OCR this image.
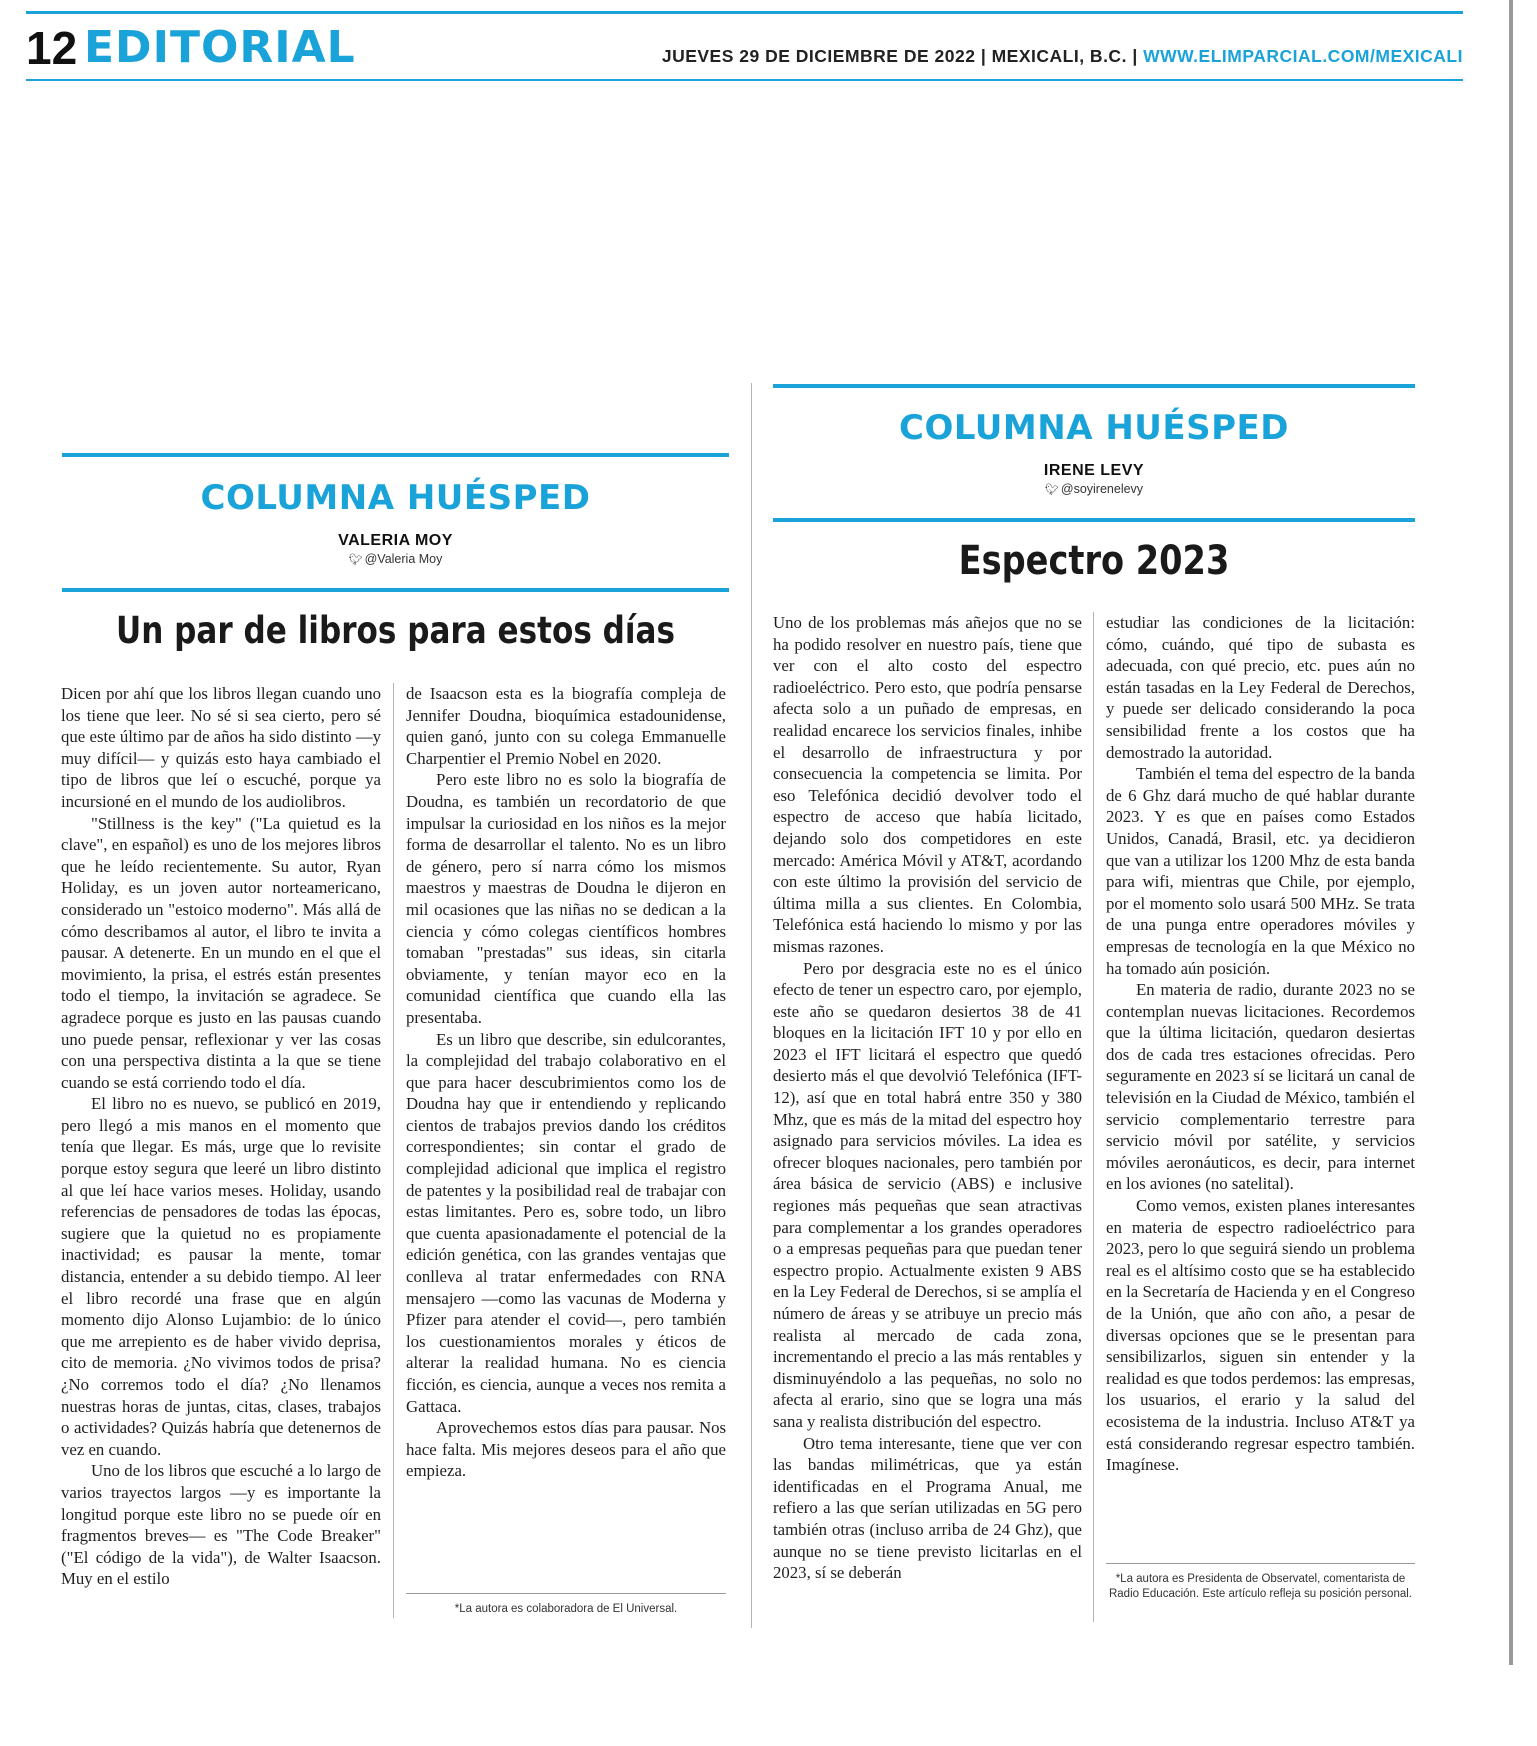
12 EDITORIAL	JUEVES 29 DE DICIEMBRE DE 2022 | MEXICALI, B.C. | WWW.ELIMPARCIAL.COM/MEXICALI
COLUMNA HUÉSPED
VALERIA MOY
🐦︎ @Valeria Moy
Un par de libros para estos días

Dicen por ahí que los libros llegan cuando uno los tiene que leer. No sé si sea cierto, pero sé que este último par de años ha sido distinto —y muy difícil— y quizás esto haya cambiado el tipo de libros que leí o escuché, porque ya incursioné en el mundo de los audiolibros.

"Stillness is the key" ("La quietud es la clave", en español) es uno de los mejores libros que he leído recientemente. Su autor, Ryan Holiday, es un joven autor norteamericano, considerado un "estoico moderno". Más allá de cómo describamos al autor, el libro te invita a pausar. A detenerte. En un mundo en el que el movimiento, la prisa, el estrés están presentes todo el tiempo, la invitación se agradece. Se agradece porque es justo en las pausas cuando uno puede pensar, reflexionar y ver las cosas con una perspectiva distinta a la que se tiene cuando se está corriendo todo el día.

El libro no es nuevo, se publicó en 2019, pero llegó a mis manos en el momento que tenía que llegar. Es más, urge que lo revisite porque estoy segura que leeré un libro distinto al que leí hace varios meses. Holiday, usando referencias de pensadores de todas las épocas, sugiere que la quietud no es propiamente inactividad; es pausar la mente, tomar distancia, entender a su debido tiempo. Al leer el libro recordé una frase que en algún momento dijo Alonso Lujambio: de lo único que me arrepiento es de haber vivido deprisa, cito de memoria. ¿No vivimos todos de prisa? ¿No corremos todo el día? ¿No llenamos nuestras horas de juntas, citas, clases, trabajos o actividades? Quizás habría que detenernos de vez en cuando.

Uno de los libros que escuché a lo largo de varios trayectos largos —y es importante la longitud porque este libro no se puede oír en fragmentos breves— es "The Code Breaker" ("El código de la vida"), de Walter Isaacson. Muy en el estilo

de Isaacson esta es la biografía compleja de Jennifer Doudna, bioquímica estadounidense, quien ganó, junto con su colega Emmanuelle Charpentier el Premio Nobel en 2020.

Pero este libro no es solo la biografía de Doudna, es también un recordatorio de que impulsar la curiosidad en los niños es la mejor forma de desarrollar el talento. No es un libro de género, pero sí narra cómo los mismos maestros y maestras de Doudna le dijeron en mil ocasiones que las niñas no se dedican a la ciencia y cómo colegas científicos hombres tomaban "prestadas" sus ideas, sin citarla obviamente, y tenían mayor eco en la comunidad científica que cuando ella las presentaba.

Es un libro que describe, sin edulcorantes, la complejidad del trabajo colaborativo en el que para hacer descubrimientos como los de Doudna hay que ir entendiendo y replicando cientos de trabajos previos dando los créditos correspondientes; sin contar el grado de complejidad adicional que implica el registro de patentes y la posibilidad real de trabajar con estas limitantes. Pero es, sobre todo, un libro que cuenta apasionadamente el potencial de la edición genética, con las grandes ventajas que conlleva al tratar enfermedades con RNA mensajero —como las vacunas de Moderna y Pfizer para atender el covid—, pero también los cuestionamientos morales y éticos de alterar la realidad humana. No es ciencia ficción, es ciencia, aunque a veces nos remita a Gattaca.

Aprovechemos estos días para pausar. Nos hace falta. Mis mejores deseos para el año que empieza.

*La autora es colaboradora de El Universal.
COLUMNA HUÉSPED
IRENE LEVY
🐦︎ @soyirenelevy
Espectro 2023

Uno de los problemas más añejos que no se ha podido resolver en nuestro país, tiene que ver con el alto costo del espectro radioeléctrico. Pero esto, que podría pensarse afecta solo a un puñado de empresas, en realidad encarece los servicios finales, inhibe el desarrollo de infraestructura y por consecuencia la competencia se limita. Por eso Telefónica decidió devolver todo el espectro de acceso que había licitado, dejando solo dos competidores en este mercado: América Móvil y AT&T, acordando con este último la provisión del servicio de última milla a sus clientes. En Colombia, Telefónica está haciendo lo mismo y por las mismas razones.

Pero por desgracia este no es el único efecto de tener un espectro caro, por ejemplo, este año se quedaron desiertos 38 de 41 bloques en la licitación IFT 10 y por ello en 2023 el IFT licitará el espectro que quedó desierto más el que devolvió Telefónica (IFT-12), así que en total habrá entre 350 y 380 Mhz, que es más de la mitad del espectro hoy asignado para servicios móviles. La idea es ofrecer bloques nacionales, pero también por área básica de servicio (ABS) e inclusive regiones más pequeñas que sean atractivas para complementar a los grandes operadores o a empresas pequeñas para que puedan tener espectro propio. Actualmente existen 9 ABS en la Ley Federal de Derechos, si se amplía el número de áreas y se atribuye un precio más realista al mercado de cada zona, incrementando el precio a las más rentables y disminuyéndolo a las pequeñas, no solo no afecta al erario, sino que se logra una más sana y realista distribución del espectro.

Otro tema interesante, tiene que ver con las bandas milimétricas, que ya están identificadas en el Programa Anual, me refiero a las que serían utilizadas en 5G pero también otras (incluso arriba de 24 Ghz), que aunque no se tiene previsto licitarlas en el 2023, sí se deberán

estudiar las condiciones de la licitación: cómo, cuándo, qué tipo de subasta es adecuada, con qué precio, etc. pues aún no están tasadas en la Ley Federal de Derechos, y puede ser delicado considerando la poca sensibilidad frente a los costos que ha demostrado la autoridad.

También el tema del espectro de la banda de 6 Ghz dará mucho de qué hablar durante 2023. Y es que en países como Estados Unidos, Canadá, Brasil, etc. ya decidieron que van a utilizar los 1200 Mhz de esta banda para wifi, mientras que Chile, por ejemplo, por el momento solo usará 500 MHz. Se trata de una punga entre operadores móviles y empresas de tecnología en la que México no ha tomado aún posición.

En materia de radio, durante 2023 no se contemplan nuevas licitaciones. Recordemos que la última licitación, quedaron desiertas dos de cada tres estaciones ofrecidas. Pero seguramente en 2023 sí se licitará un canal de televisión en la Ciudad de México, también el servicio complementario terrestre para servicio móvil por satélite, y servicios móviles aeronáuticos, es decir, para internet en los aviones (no satelital).

Como vemos, existen planes interesantes en materia de espectro radioeléctrico para 2023, pero lo que seguirá siendo un problema real es el altísimo costo que se ha establecido en la Secretaría de Hacienda y en el Congreso de la Unión, que año con año, a pesar de diversas opciones que se le presentan para sensibilizarlos, siguen sin entender y la realidad es que todos perdemos: las empresas, los usuarios, el erario y la salud del ecosistema de la industria. Incluso AT&T ya está considerando regresar espectro también. Imagínese.

*La autora es Presidenta de Observatel, comentarista de Radio Educación. Este artículo refleja su posición personal.
